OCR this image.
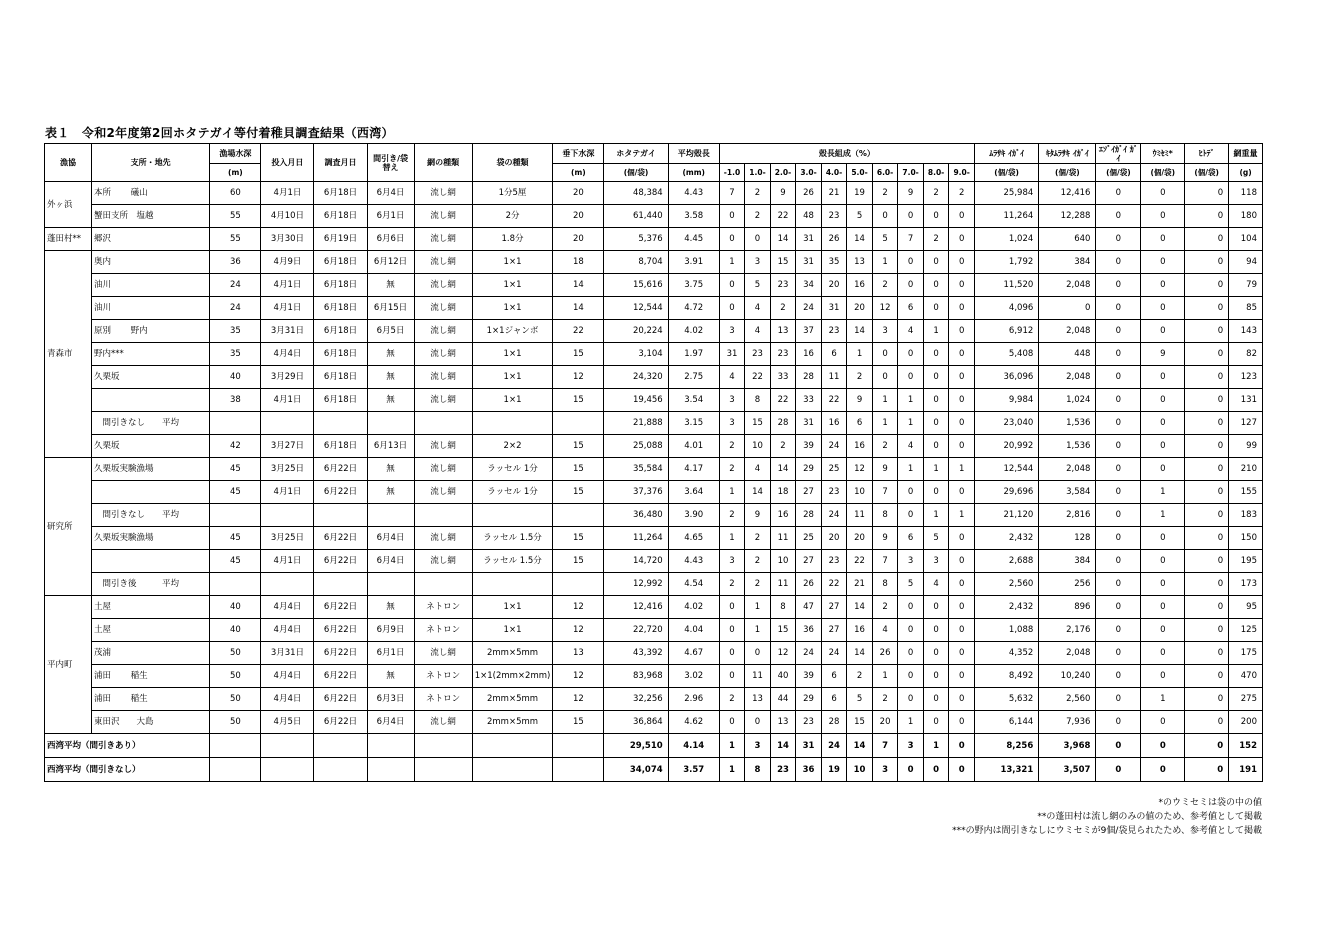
表１　令和2年度第2回ホタテガイ等付着稚貝調査結果（西湾）
漁協	支所・地先	漁場水深	投入月日	調査月日	間引き/袋替え	網の種類	袋の種類	垂下水深	ホタテガイ	平均殻長	殻長組成（%）										ﾑﾗｻｷ ｲｶﾞｲ	ｷﾀﾑﾗｻｷ ｲｶﾞｲ	ｴｿﾞｲｶﾞｲ ｶﾞｲ	ｳﾐｾﾐ*	ﾋﾄﾃﾞ	網重量
		(m)						(m)	(個/袋)	(mm)	-1.0	1.0-	2.0-	3.0-	4.0-	5.0-	6.0-	7.0-	8.0-	9.0-	(個/袋)	(個/袋)	(個/袋)	(個/袋)	(個/袋)	(g)
外ヶ浜	本所　　 礒山	60	4月1日	6月18日	6月4日	流し網	1分5厘	20	48,384	4.43	7	2	9	26	21	19	2	9	2	2	25,984	12,416	0	0	0	118
	蟹田支所　塩越	55	4月10日	6月18日	6月1日	流し網	2分	20	61,440	3.58	0	2	22	48	23	5	0	0	0	0	11,264	12,288	0	0	0	180
蓬田村**	郷沢	55	3月30日	6月19日	6月6日	流し網	1.8分	20	5,376	4.45	0	0	14	31	26	14	5	7	2	0	1,024	640	0	0	0	104
青森市	奥内	36	4月9日	6月18日	6月12日	流し網	1×1	18	8,704	3.91	1	3	15	31	35	13	1	0	0	0	1,792	384	0	0	0	94
	油川	24	4月1日	6月18日	無	流し網	1×1	14	15,616	3.75	0	5	23	34	20	16	2	0	0	0	11,520	2,048	0	0	0	79
	油川	24	4月1日	6月18日	6月15日	流し網	1×1	14	12,544	4.72	0	4	2	24	31	20	12	6	0	0	4,096	0	0	0	0	85
	原別　　 野内	35	3月31日	6月18日	6月5日	流し網	1×1ジャンボ	22	20,224	4.02	3	4	13	37	23	14	3	4	1	0	6,912	2,048	0	0	0	143
	野内***	35	4月4日	6月18日	無	流し網	1×1	15	3,104	1.97	31	23	23	16	6	1	0	0	0	0	5,408	448	0	9	0	82
	久栗坂	40	3月29日	6月18日	無	流し網	1×1	12	24,320	2.75	4	22	33	28	11	2	0	0	0	0	36,096	2,048	0	0	0	123
		38	4月1日	6月18日	無	流し網	1×1	15	19,456	3.54	3	8	22	33	22	9	1	1	0	0	9,984	1,024	0	0	0	131
	　間引きなし　　平均								21,888	3.15	3	15	28	31	16	6	1	1	0	0	23,040	1,536	0	0	0	127
	久栗坂	42	3月27日	6月18日	6月13日	流し網	2×2	15	25,088	4.01	2	10	2	39	24	16	2	4	0	0	20,992	1,536	0	0	0	99
研究所	久栗坂実験漁場	45	3月25日	6月22日	無	流し網	ラッセル 1分	15	35,584	4.17	2	4	14	29	25	12	9	1	1	1	12,544	2,048	0	0	0	210
		45	4月1日	6月22日	無	流し網	ラッセル 1分	15	37,376	3.64	1	14	18	27	23	10	7	0	0	0	29,696	3,584	0	1	0	155
	　間引きなし　　平均								36,480	3.90	2	9	16	28	24	11	8	0	1	1	21,120	2,816	0	1	0	183
	久栗坂実験漁場	45	3月25日	6月22日	6月4日	流し網	ラッセル 1.5分	15	11,264	4.65	1	2	11	25	20	20	9	6	5	0	2,432	128	0	0	0	150
		45	4月1日	6月22日	6月4日	流し網	ラッセル 1.5分	15	14,720	4.43	3	2	10	27	23	22	7	3	3	0	2,688	384	0	0	0	195
	　間引き後　　　平均								12,992	4.54	2	2	11	26	22	21	8	5	4	0	2,560	256	0	0	0	173
平内町	土屋	40	4月4日	6月22日	無	ネトロン	1×1	12	12,416	4.02	0	1	8	47	27	14	2	0	0	0	2,432	896	0	0	0	95
	土屋	40	4月4日	6月22日	6月9日	ネトロン	1×1	12	22,720	4.04	0	1	15	36	27	16	4	0	0	0	1,088	2,176	0	0	0	125
	茂浦	50	3月31日	6月22日	6月1日	流し網	2mm×5mm	13	43,392	4.67	0	0	12	24	24	14	26	0	0	0	4,352	2,048	0	0	0	175
	浦田　　 稲生	50	4月4日	6月22日	無	ネトロン	1×1(2mm×2mm)	12	83,968	3.02	0	11	40	39	6	2	1	0	0	0	8,492	10,240	0	0	0	470
	浦田　　 稲生	50	4月4日	6月22日	6月3日	ネトロン	2mm×5mm	12	32,256	2.96	2	13	44	29	6	5	2	0	0	0	5,632	2,560	0	1	0	275
	東田沢　　大島	50	4月5日	6月22日	6月4日	流し網	2mm×5mm	15	36,864	4.62	0	0	13	23	28	15	20	1	0	0	6,144	7,936	0	0	0	200
西湾平均（間引きあり）									29,510	4.14	1	3	14	31	24	14	7	3	1	0	8,256	3,968	0	0	0	152
西湾平均（間引きなし）									34,074	3.57	1	8	23	36	19	10	3	0	0	0	13,321	3,507	0	0	0	191
*のウミセミは袋の中の値
**の蓬田村は流し網のみの値のため、参考値として掲載
***の野内は間引きなしにウミセミが9個/袋見られたため、参考値として掲載
